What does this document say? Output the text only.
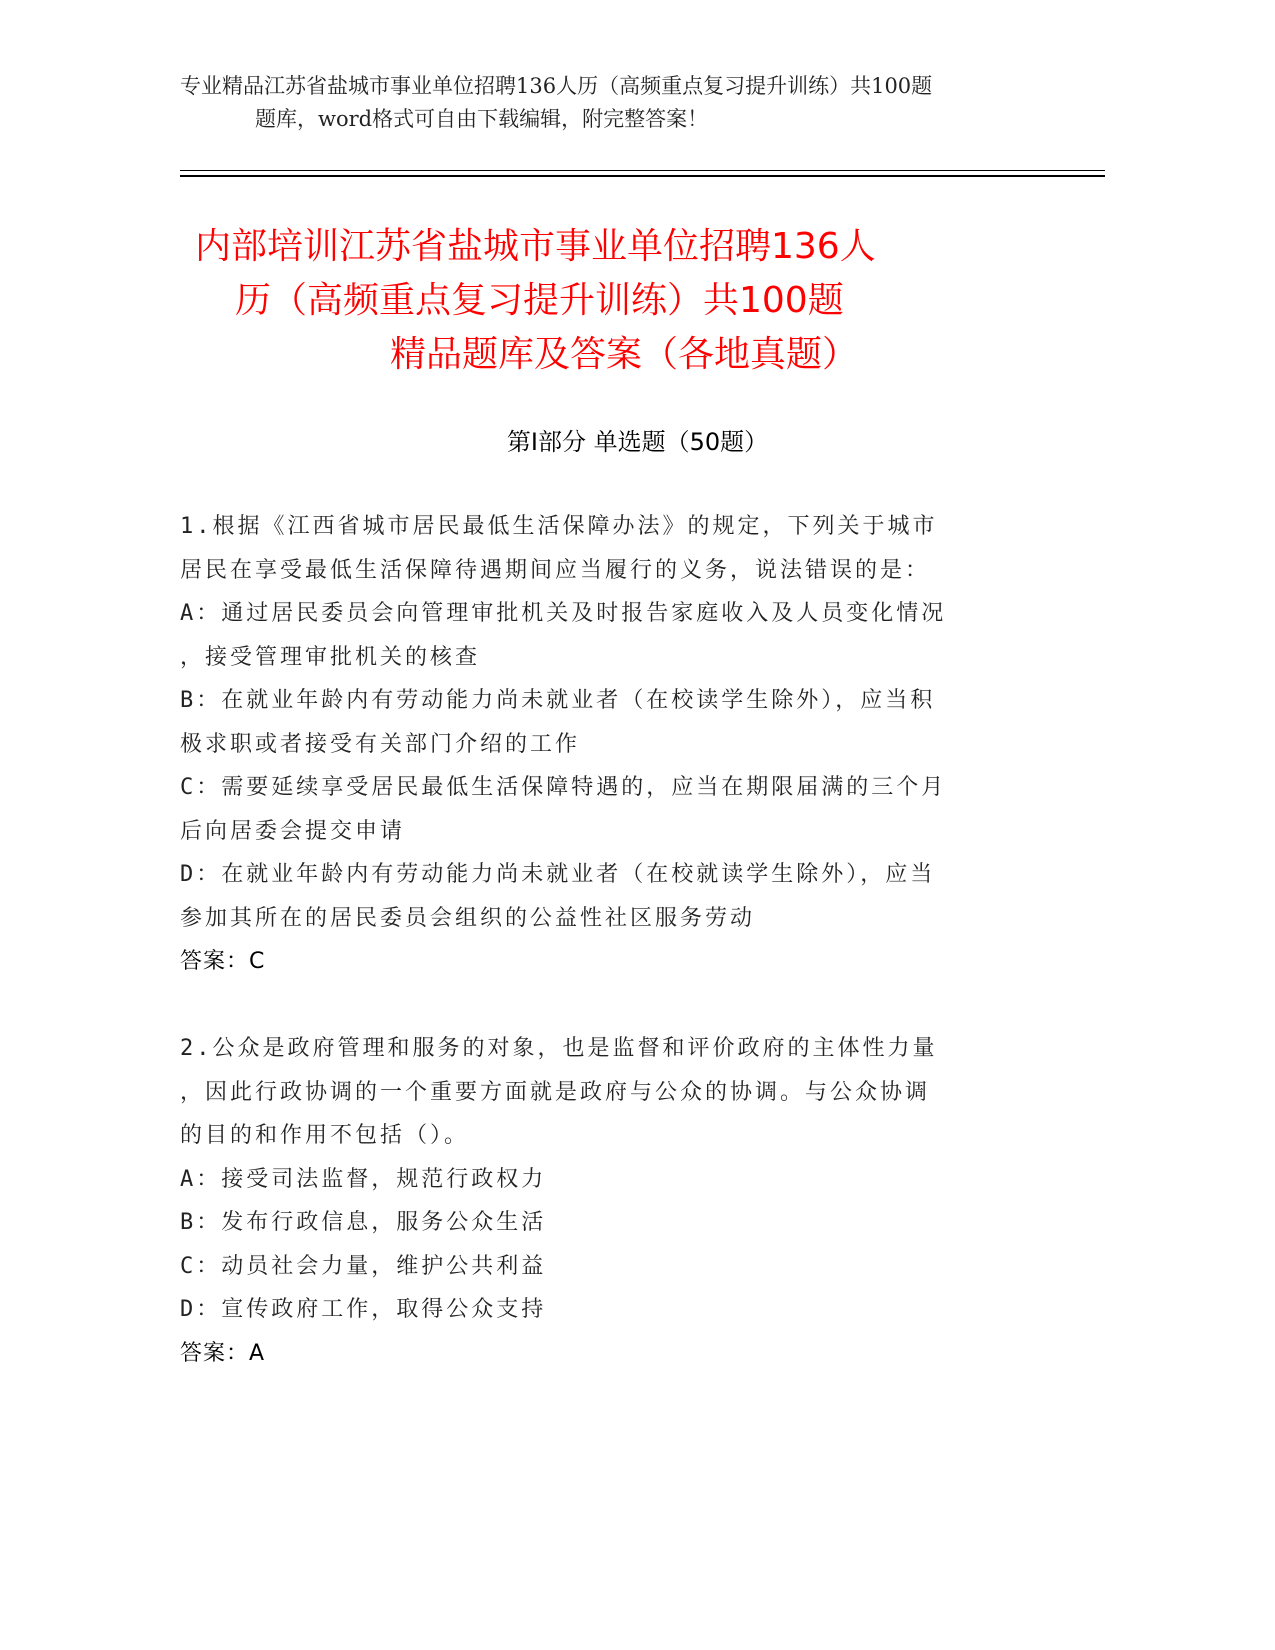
专业精品江苏省盐城市事业单位招聘136人历（高频重点复习提升训练）共100题
题库，word格式可自由下载编辑，附完整答案！
内部培训江苏省盐城市事业单位招聘136人
历（高频重点复习提升训练）共100题
精品题库及答案（各地真题）
第Ⅰ部分 单选题（50题）
1.根据《江西省城市居民最低生活保障办法》的规定，下列关于城市
居民在享受最低生活保障待遇期间应当履行的义务，说法错误的是：
A：通过居民委员会向管理审批机关及时报告家庭收入及人员变化情况
，接受管理审批机关的核查
B：在就业年龄内有劳动能力尚未就业者（在校读学生除外），应当积
极求职或者接受有关部门介绍的工作
C：需要延续享受居民最低生活保障特遇的，应当在期限届满的三个月
后向居委会提交申请
D：在就业年龄内有劳动能力尚未就业者（在校就读学生除外），应当
参加其所在的居民委员会组织的公益性社区服务劳动
答案：C
2.公众是政府管理和服务的对象，也是监督和评价政府的主体性力量
，因此行政协调的一个重要方面就是政府与公众的协调。与公众协调
的目的和作用不包括（）。
A：接受司法监督，规范行政权力
B：发布行政信息，服务公众生活
C：动员社会力量，维护公共利益
D：宣传政府工作，取得公众支持
答案：A
